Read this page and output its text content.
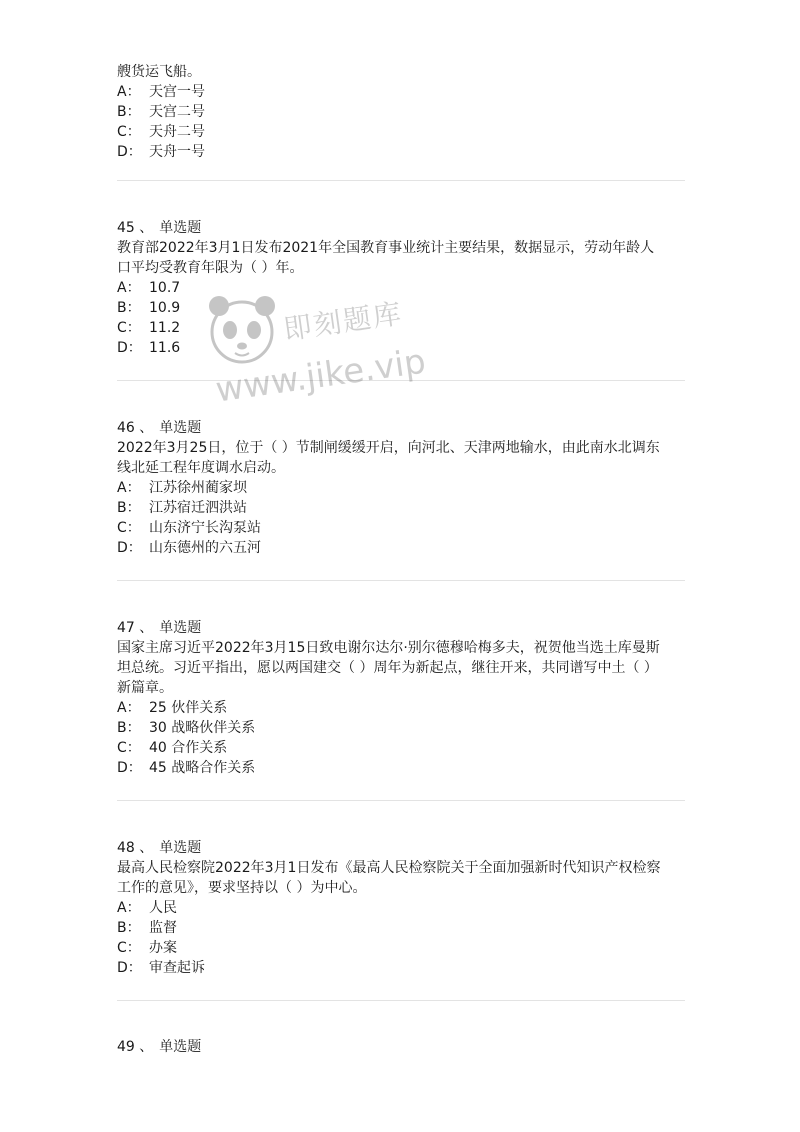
艘货运飞船。
A： 天宫一号
B： 天宫二号
C： 天舟二号
D： 天舟一号
45 、 单选题
教育部2022年3月1日发布2021年全国教育事业统计主要结果，数据显示，劳动年龄人
口平均受教育年限为（ ）年。
A： 10.7
B： 10.9
C： 11.2
D： 11.6
46 、 单选题
2022年3月25日，位于（ ）节制闸缓缓开启，向河北、天津两地输水，由此南水北调东
线北延工程年度调水启动。
A： 江苏徐州蔺家坝
B： 江苏宿迁泗洪站
C： 山东济宁长沟泵站
D： 山东德州的六五河
47 、 单选题
国家主席习近平2022年3月15日致电谢尔达尔·别尔德穆哈梅多夫，祝贺他当选土库曼斯
坦总统。习近平指出，愿以两国建交（ ）周年为新起点，继往开来，共同谱写中土（ ）
新篇章。
A： 25 伙伴关系
B： 30 战略伙伴关系
C： 40 合作关系
D： 45 战略合作关系
48 、 单选题
最高人民检察院2022年3月1日发布《最高人民检察院关于全面加强新时代知识产权检察
工作的意见》，要求坚持以（ ）为中心。
A： 人民
B： 监督
C： 办案
D： 审查起诉
49 、 单选题
即刻题库
www.jike.vip
